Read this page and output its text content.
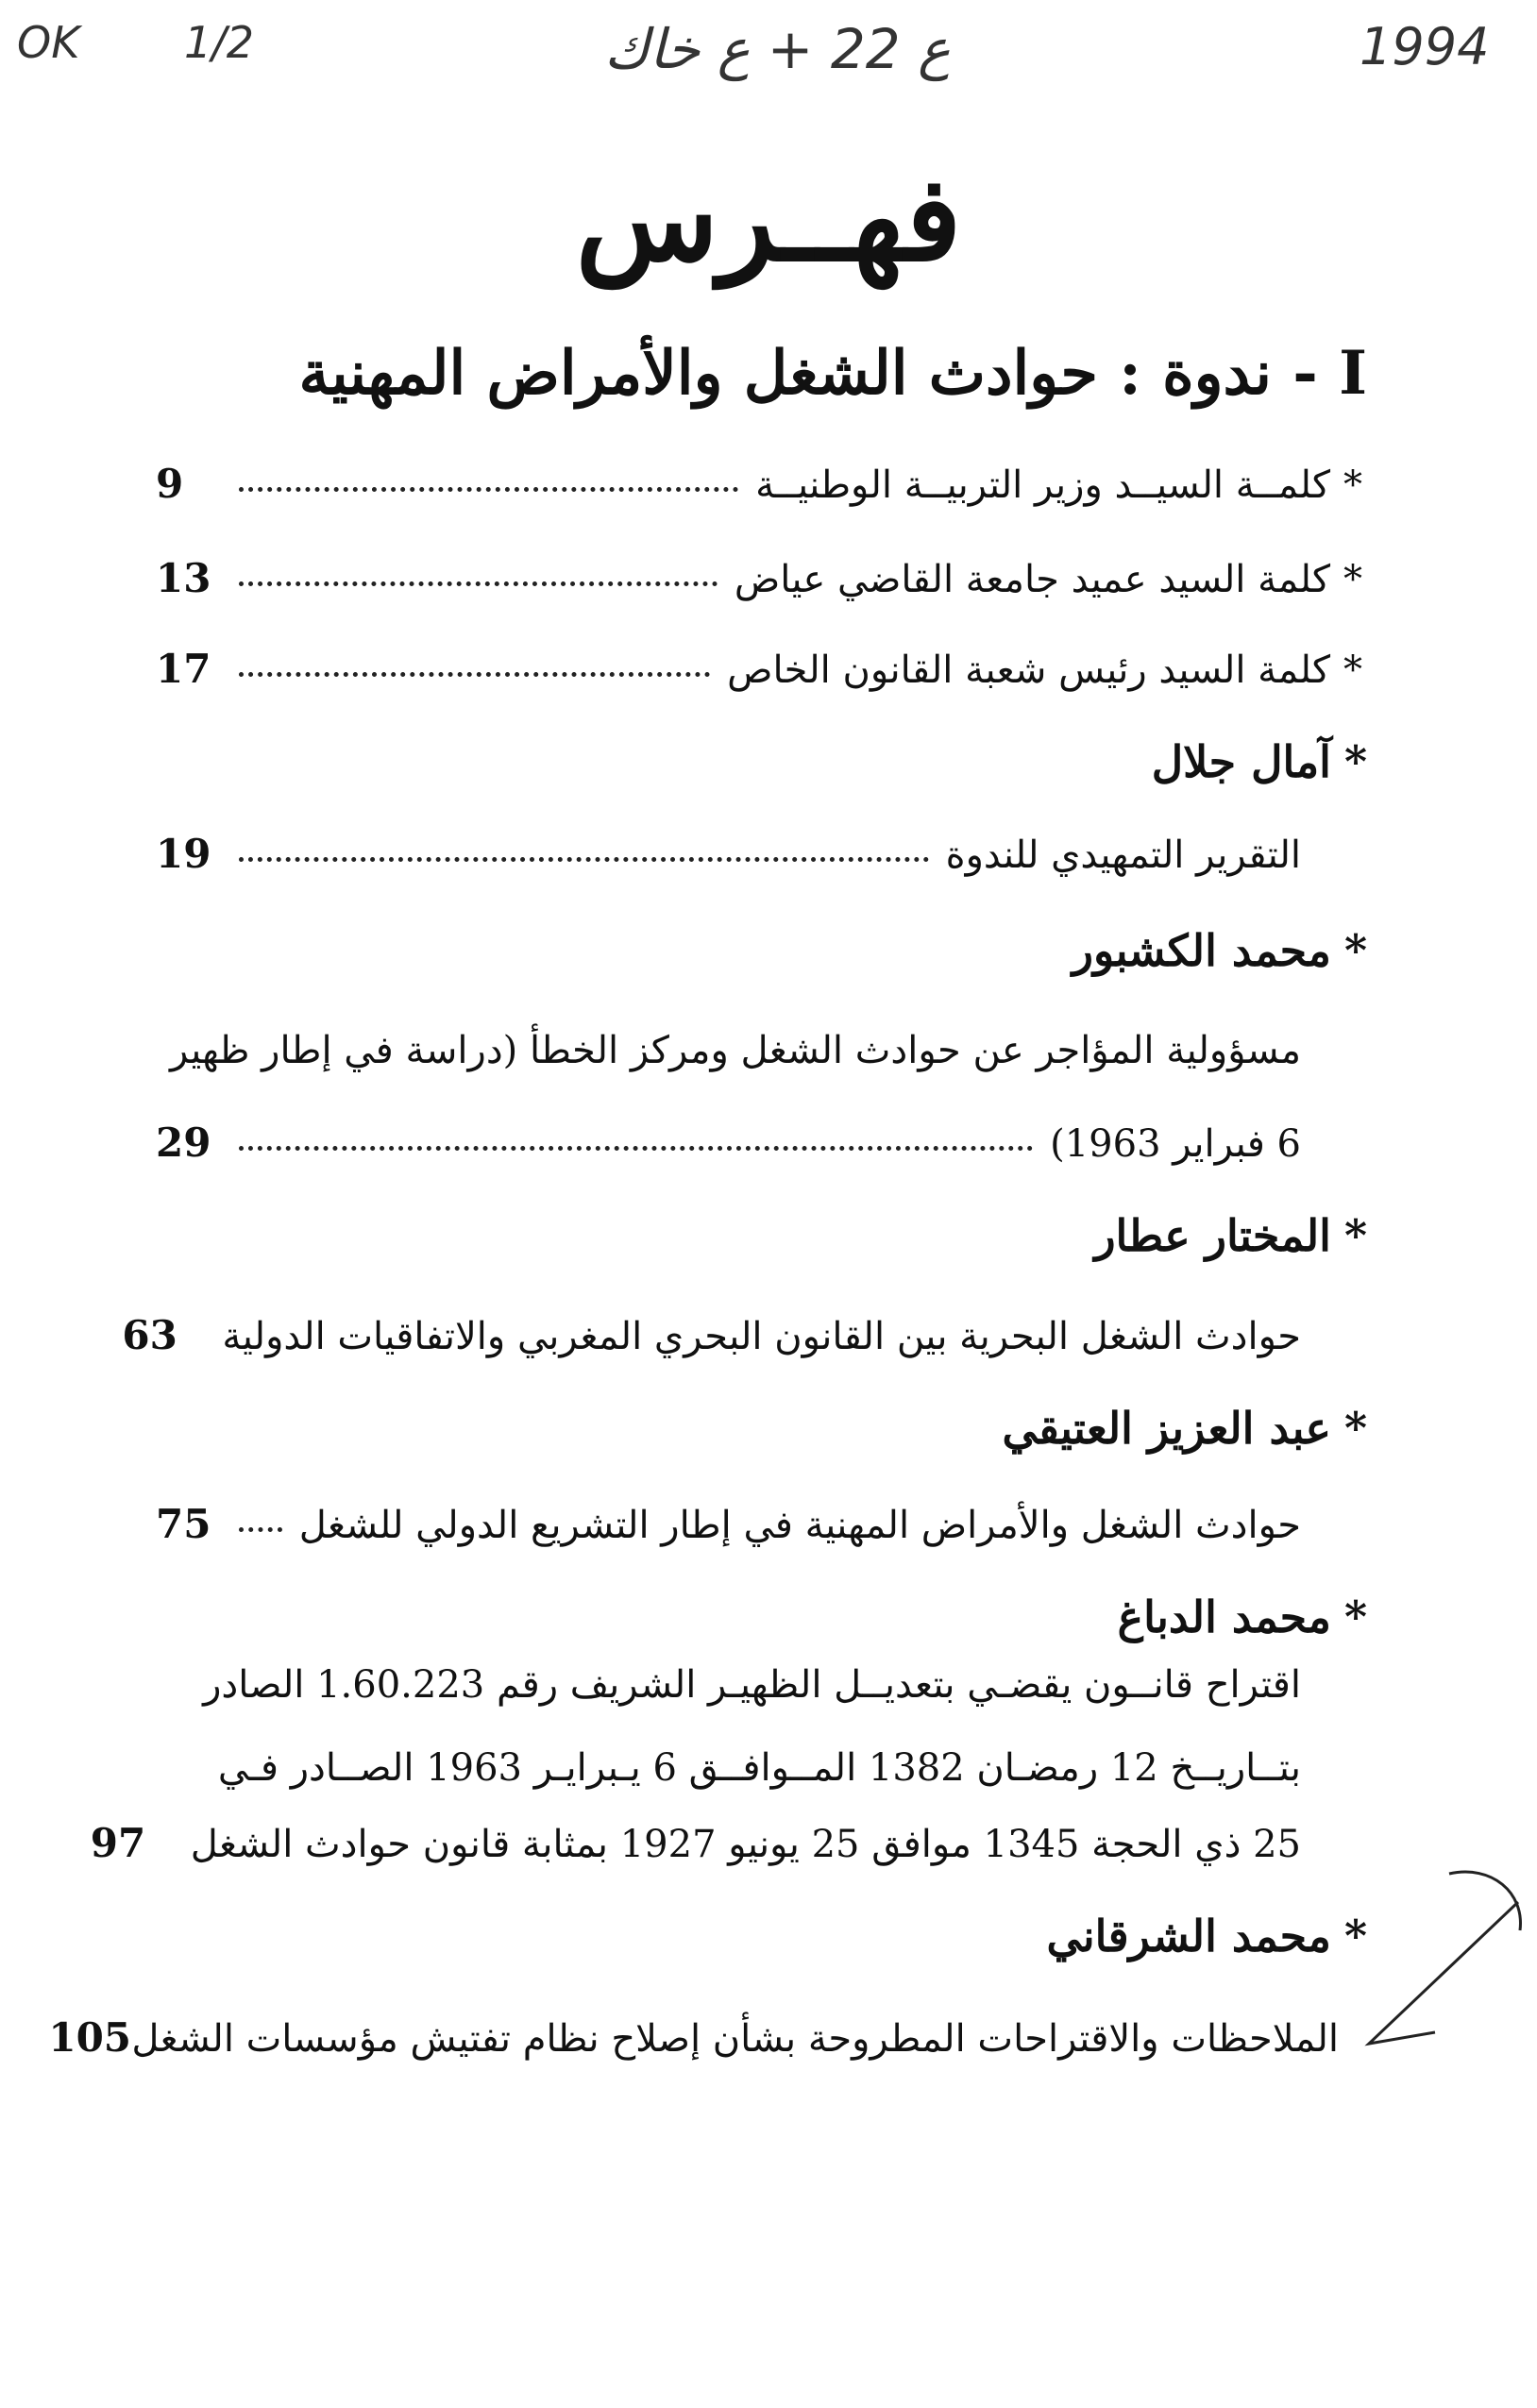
OK 1/2	ع 22 + ع خاك	1994
فهــرس
I - ندوة : حوادث الشغل والأمراض المهنية
*كلمــة السيــد وزير التربيــة الوطنيــة
9
*كلمة السيد عميد جامعة القاضي عياض
13
*كلمة السيد رئيس شعبة القانون الخاص
17
*آمال جلال
التقرير التمهيدي للندوة
19
*محمد الكشبور
مسؤولية المؤاجر عن حوادث الشغل ومركز الخطأ (دراسة في إطار ظهير
6 فبراير 1963)
29
*المختار عطار
حوادث الشغل البحرية بين القانون البحري المغربي والاتفاقيات الدولية
63
*عبد العزيز العتيقي
حوادث الشغل والأمراض المهنية في إطار التشريع الدولي للشغل
75
*محمد الدباغ
اقتراح قانــون يقضـي بتعديــل الظهيـر الشريف رقم 1.60.223 الصادر
بتــاريــخ 12 رمضـان 1382 المــوافــق 6 يـبرايـر 1963 الصــادر فـي
25 ذي الحجة 1345 موافق 25 يونيو 1927 بمثابة قانون حوادث الشغل
97
*محمد الشرقاني
الملاحظات والاقتراحات المطروحة بشأن إصلاح نظام تفتيش مؤسسات الشغل
105
